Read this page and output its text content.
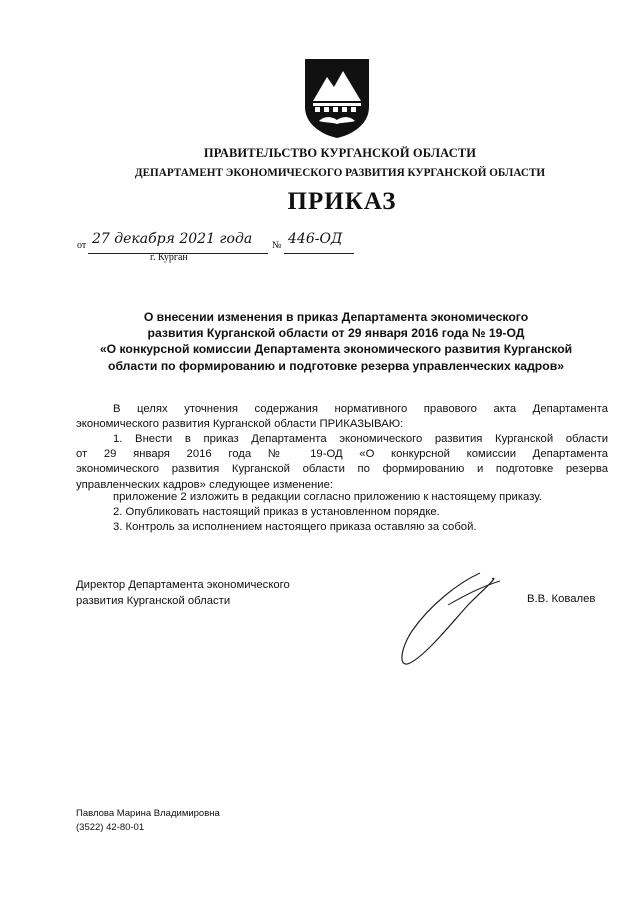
ПРАВИТЕЛЬСТВО КУРГАНСКОЙ ОБЛАСТИ
ДЕПАРТАМЕНТ ЭКОНОМИЧЕСКОГО РАЗВИТИЯ КУРГАНСКОЙ ОБЛАСТИ
ПРИКАЗ
от 27 декабря 2021 года № 446-ОД
г. Курган
О внесении изменения в приказ Департамента экономического
развития Курганской области от 29 января 2016 года № 19-ОД
«О конкурсной комиссии Департамента экономического развития Курганской
области по формированию и подготовке резерва управленческих кадров»
В целях уточнения содержания нормативного правового акта Департамента
экономического развития Курганской области ПРИКАЗЫВАЮ:
1. Внести в приказ Департамента экономического развития Курганской области
от 29 января 2016 года № 19-ОД «О конкурсной комиссии Департамента
экономического развития Курганской области по формированию и подготовке резерва
управленческих кадров» следующее изменение:
приложение 2 изложить в редакции согласно приложению к настоящему приказу.
2. Опубликовать настоящий приказ в установленном порядке.
3. Контроль за исполнением настоящего приказа оставляю за собой.
Директор Департамента экономического
развития Курганской области	В.В. Ковалев
Павлова Марина Владимировна
(3522) 42-80-01
